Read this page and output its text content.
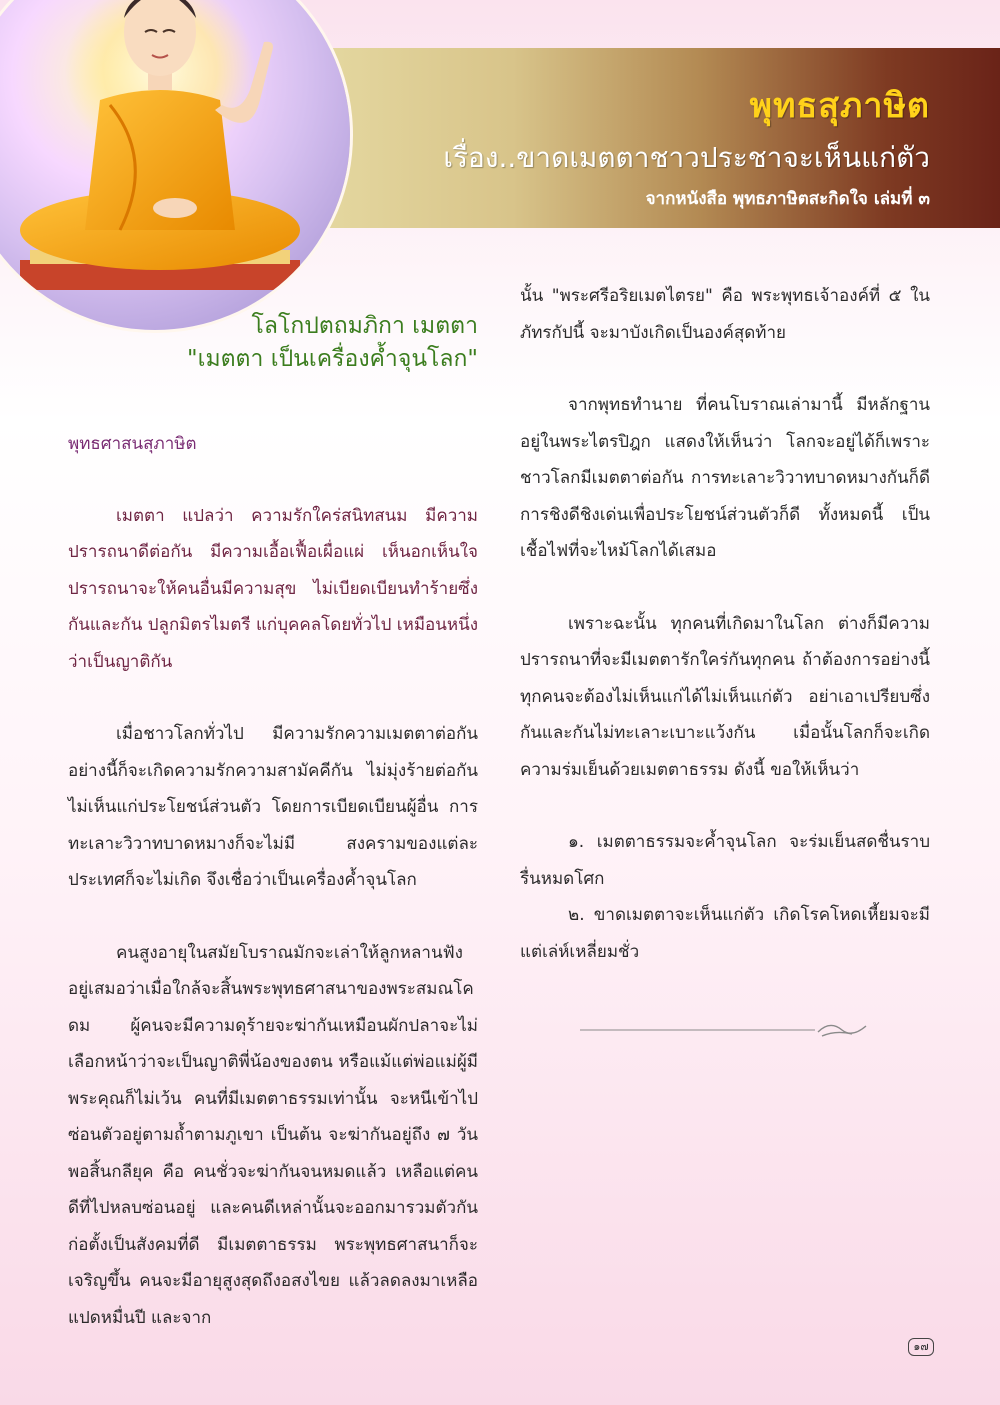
พุทธสุภาษิต
เรื่อง..ขาดเมตตาชาวประชาจะเห็นแก่ตัว
จากหนังสือ พุทธภาษิตสะกิดใจ เล่มที่ ๓
โลโกปตถมภิกา เมตตา
"เมตตา เป็นเครื่องค้ำจุนโลก"

พุทธศาสนสุภาษิต

เมตตา แปลว่า ความรักใคร่สนิทสนม มีความปรารถนาดีต่อกัน มีความเอื้อเฟื้อเผื่อแผ่ เห็นอกเห็นใจ ปรารถนาจะให้คนอื่นมีความสุข ไม่เบียดเบียนทำร้ายซึ่งกันและกัน ปลูกมิตรไมตรี แก่บุคคลโดยทั่วไป เหมือนหนึ่งว่าเป็นญาติกัน

เมื่อชาวโลกทั่วไป มีความรักความเมตตาต่อกันอย่างนี้ก็จะเกิดความรักความสามัคคีกัน ไม่มุ่งร้ายต่อกัน ไม่เห็นแก่ประโยชน์ส่วนตัว โดยการเบียดเบียนผู้อื่น การทะเลาะวิวาทบาดหมางก็จะไม่มี สงครามของแต่ละประเทศก็จะไม่เกิด จึงเชื่อว่าเป็นเครื่องค้ำจุนโลก

คนสูงอายุในสมัยโบราณมักจะเล่าให้ลูกหลานฟังอยู่เสมอว่าเมื่อใกล้จะสิ้นพระพุทธศาสนาของพระสมณโคดม ผู้คนจะมีความดุร้ายจะฆ่ากันเหมือนผักปลาจะไม่เลือกหน้าว่าจะเป็นญาติพี่น้องของตน หรือแม้แต่พ่อแม่ผู้มีพระคุณก็ไม่เว้น คนที่มีเมตตาธรรมเท่านั้น จะหนีเข้าไปซ่อนตัวอยู่ตามถ้ำตามภูเขา เป็นต้น จะฆ่ากันอยู่ถึง ๗ วัน พอสิ้นกลียุค คือ คนชั่วจะฆ่ากันจนหมดแล้ว เหลือแต่คนดีที่ไปหลบซ่อนอยู่ และคนดีเหล่านั้นจะออกมารวมตัวกันก่อตั้งเป็นสังคมที่ดี มีเมตตาธรรม พระพุทธศาสนาก็จะเจริญขึ้น คนจะมีอายุสูงสุดถึงอสงไขย แล้วลดลงมาเหลือแปดหมื่นปี และจาก

นั้น "พระศรีอริยเมตไตรย" คือ พระพุทธเจ้าองค์ที่ ๕ ในภัทรกัปนี้ จะมาบังเกิดเป็นองค์สุดท้าย

จากพุทธทำนาย ที่คนโบราณเล่ามานี้ มีหลักฐานอยู่ในพระไตรปิฎก แสดงให้เห็นว่า โลกจะอยู่ได้ก็เพราะชาวโลกมีเมตตาต่อกัน การทะเลาะวิวาทบาดหมางกันก็ดี การชิงดีชิงเด่นเพื่อประโยชน์ส่วนตัวก็ดี ทั้งหมดนี้ เป็นเชื้อไฟที่จะไหม้โลกได้เสมอ

เพราะฉะนั้น ทุกคนที่เกิดมาในโลก ต่างก็มีความปรารถนาที่จะมีเมตตารักใคร่กันทุกคน ถ้าต้องการอย่างนี้ ทุกคนจะต้องไม่เห็นแก่ได้ไม่เห็นแก่ตัว อย่าเอาเปรียบซึ่งกันและกันไม่ทะเลาะเบาะแว้งกัน เมื่อนั้นโลกก็จะเกิดความร่มเย็นด้วยเมตตาธรรม ดังนี้ ขอให้เห็นว่า

๑. เมตตาธรรมจะค้ำจุนโลก จะร่มเย็นสดชื่นราบรื่นหมดโศก

๒. ขาดเมตตาจะเห็นแก่ตัว เกิดโรคโหดเหี้ยมจะมีแต่เล่ห์เหลี่ยมชั่ว

๑๗
